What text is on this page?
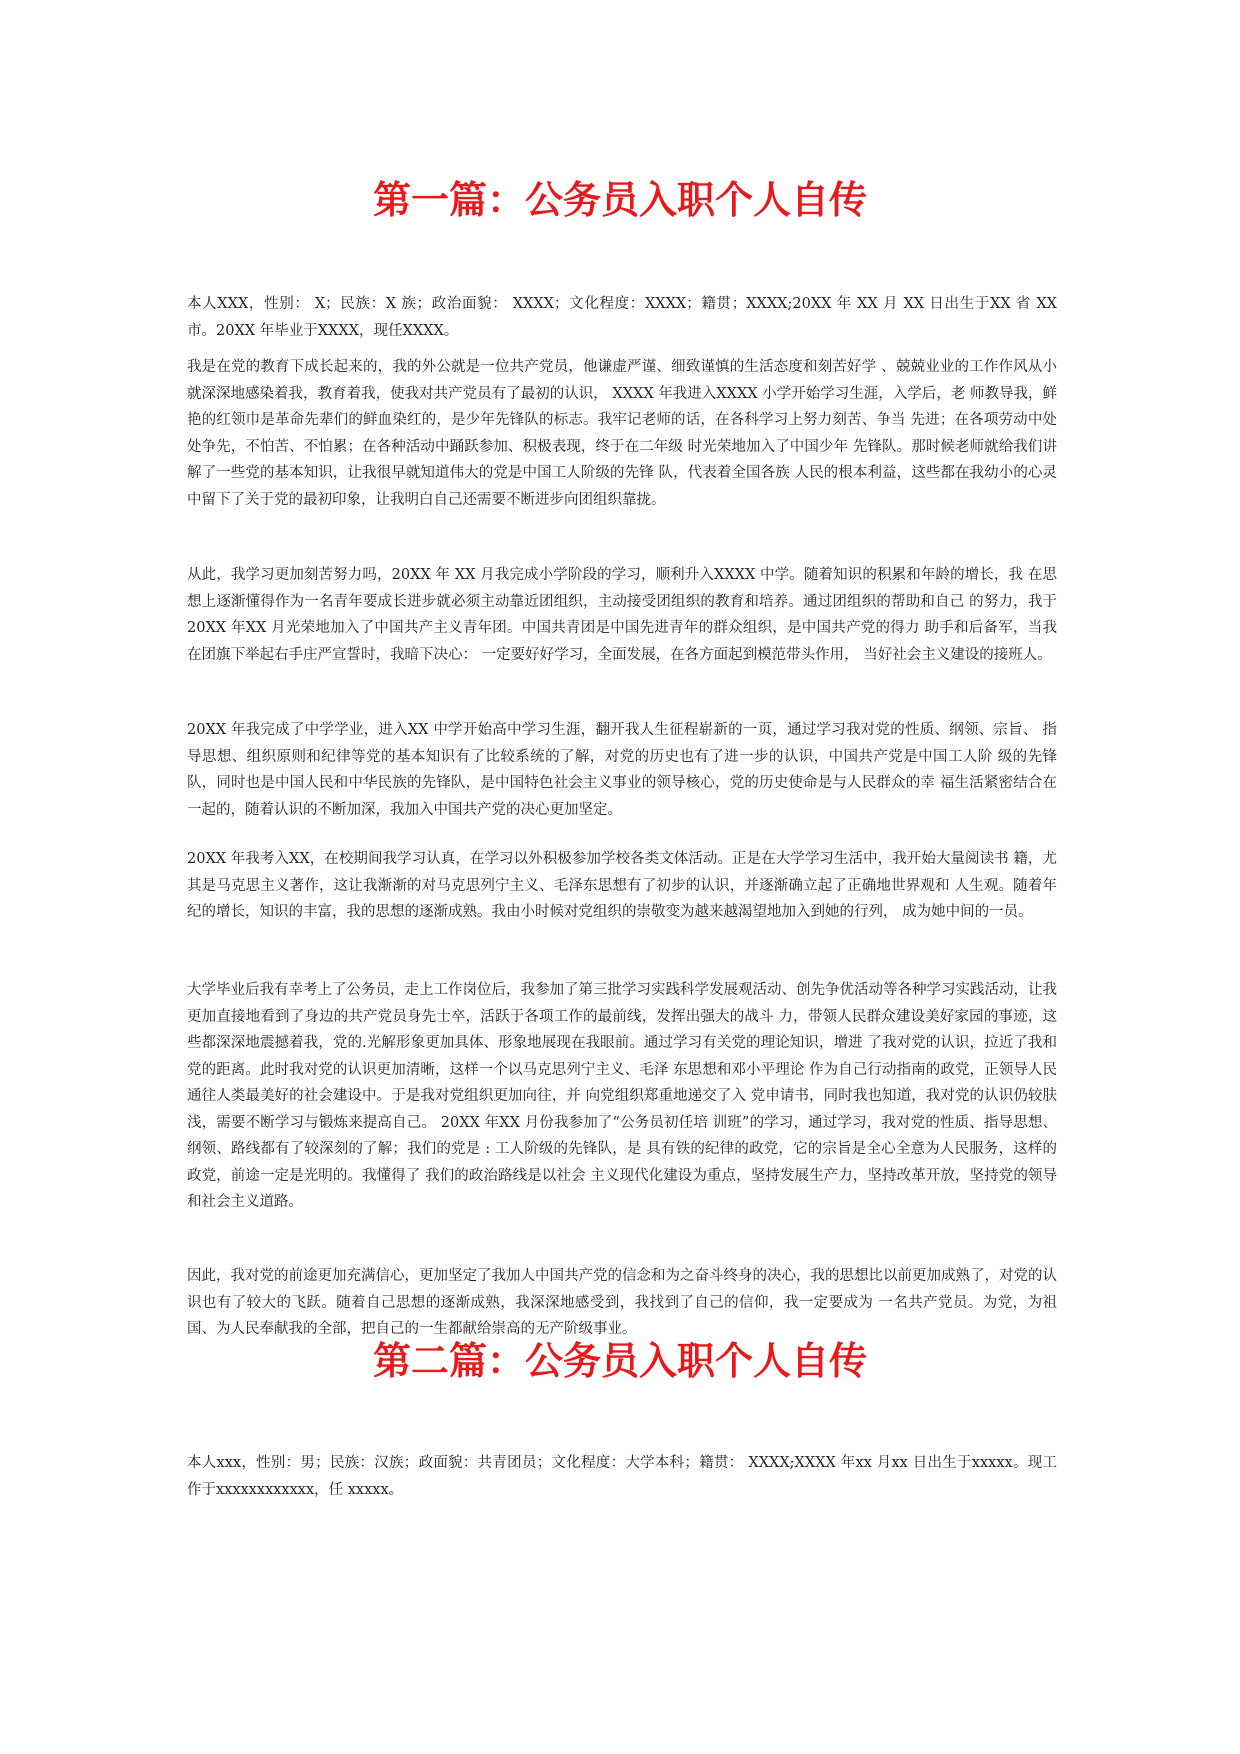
第一篇：公务员入职个人自传

本人XXX，性别： X；民族：X 族；政治面貌： XXXX；文化程度：XXXX；籍贯；XXXX;20XX 年 XX 月 XX 日出生于XX 省 XX 市。20XX 年毕业于XXXX，现任XXXX。

我是在党的教育下成长起来的，我的外公就是一位共产党员，他谦虚严谨、细致谨慎的生活态度和刻苦好学 、兢兢业业的工作作风从小就深深地感染着我，教育着我，使我对共产党员有了最初的认识， XXXX 年我进入XXXX 小学开始学习生涯，入学后，老 师教导我，鲜艳的红领巾是革命先辈们的鲜血染红的，是少年先锋队的标志。我牢记老师的话，在各科学习上努力刻苦、争当 先进；在各项劳动中处处争先，不怕苦、不怕累；在各种活动中踊跃参加、积极表现，终于在二年级 时光荣地加入了中国少年 先锋队。那时候老师就给我们讲解了一些党的基本知识，让我很早就知道伟大的党是中国工人阶级的先锋 队，代表着全国各族 人民的根本利益，这些都在我幼小的心灵中留下了关于党的最初印象，让我明白自己还需要不断进步向团组织靠拢。

从此，我学习更加刻苦努力吗，20XX 年 XX 月我完成小学阶段的学习，顺利升入XXXX 中学。随着知识的积累和年龄的增长，我 在思想上逐渐懂得作为一名青年要成长进步就必须主动靠近团组织，主动接受团组织的教育和培养。通过团组织的帮助和自己 的努力，我于20XX 年XX 月光荣地加入了中国共产主义青年团。中国共青团是中国先进青年的群众组织，是中国共产党的得力 助手和后备军，当我在团旗下举起右手庄严宣誓时，我暗下决心： 一定要好好学习，全面发展，在各方面起到模范带头作用， 当好社会主义建设的接班人。

20XX 年我完成了中学学业，进入XX 中学开始高中学习生涯，翻开我人生征程崭新的一页，通过学习我对党的性质、纲领、宗旨、 指导思想、组织原则和纪律等党的基本知识有了比较系统的了解，对党的历史也有了进一步的认识，中国共产党是中国工人阶 级的先锋队，同时也是中国人民和中华民族的先锋队，是中国特色社会主义事业的领导核心，党的历史使命是与人民群众的幸 福生活紧密结合在一起的，随着认识的不断加深，我加入中国共产党的决心更加坚定。

20XX 年我考入XX，在校期间我学习认真，在学习以外积极参加学校各类文体活动。正是在大学学习生活中，我开始大量阅读书 籍，尤其是马克思主义著作，这让我渐渐的对马克思列宁主义、毛泽东思想有了初步的认识，并逐渐确立起了正确地世界观和 人生观。随着年纪的增长，知识的丰富，我的思想的逐渐成熟。我由小时候对党组织的崇敬变为越来越渴望地加入到她的行列， 成为她中间的一员。

大学毕业后我有幸考上了公务员，走上工作岗位后，我参加了第三批学习实践科学发展观活动、创先争优活动等各种学习实践活动，让我更加直接地看到了身边的共产党员身先士卒，活跃于各项工作的最前线，发挥出强大的战斗 力，带领人民群众建设美好家园的事迹，这些都深深地震撼着我，党的.光解形象更加具体、形象地展现在我眼前。通过学习有关党的理论知识，增进 了我对党的认识，拉近了我和党的距离。此时我对党的认识更加清晰，这样一个以马克思列宁主义、毛泽 东思想和邓小平理论 作为自己行动指南的政党，正领导人民通往人类最美好的社会建设中。于是我对党组织更加向往，并 向党组织郑重地递交了入 党申请书，同时我也知道，我对党的认识仍较肤浅，需要不断学习与锻炼来提高自己。 20XX 年XX 月份我参加了“公务员初任培 训班”的学习，通过学习，我对党的性质、指导思想、纲领、路线都有了较深刻的了解；我们的党是 : 工人阶级的先锋队，是 具有铁的纪律的政党，它的宗旨是全心全意为人民服务，这样的政党，前途一定是光明的。我懂得了 我们的政治路线是以社会 主义现代化建设为重点，坚持发展生产力，坚持改革开放，坚持党的领导和社会主义道路。

因此，我对党的前途更加充满信心，更加坚定了我加人中国共产党的信念和为之奋斗终身的决心，我的思想比以前更加成熟了，对党的认识也有了较大的飞跃。随着自己思想的逐渐成熟，我深深地感受到，我找到了自己的信仰，我一定要成为 一名共产党员。为党，为祖国、为人民奉献我的全部，把自己的一生都献给崇高的无产阶级事业。

第二篇：公务员入职个人自传

本人xxx，性别：男；民族：汉族；政面貌：共青团员；文化程度：大学本科；籍贯： XXXX;XXXX 年xx 月xx 日出生于xxxxx。现工 作于xxxxxxxxxxxx，任 xxxxx。
